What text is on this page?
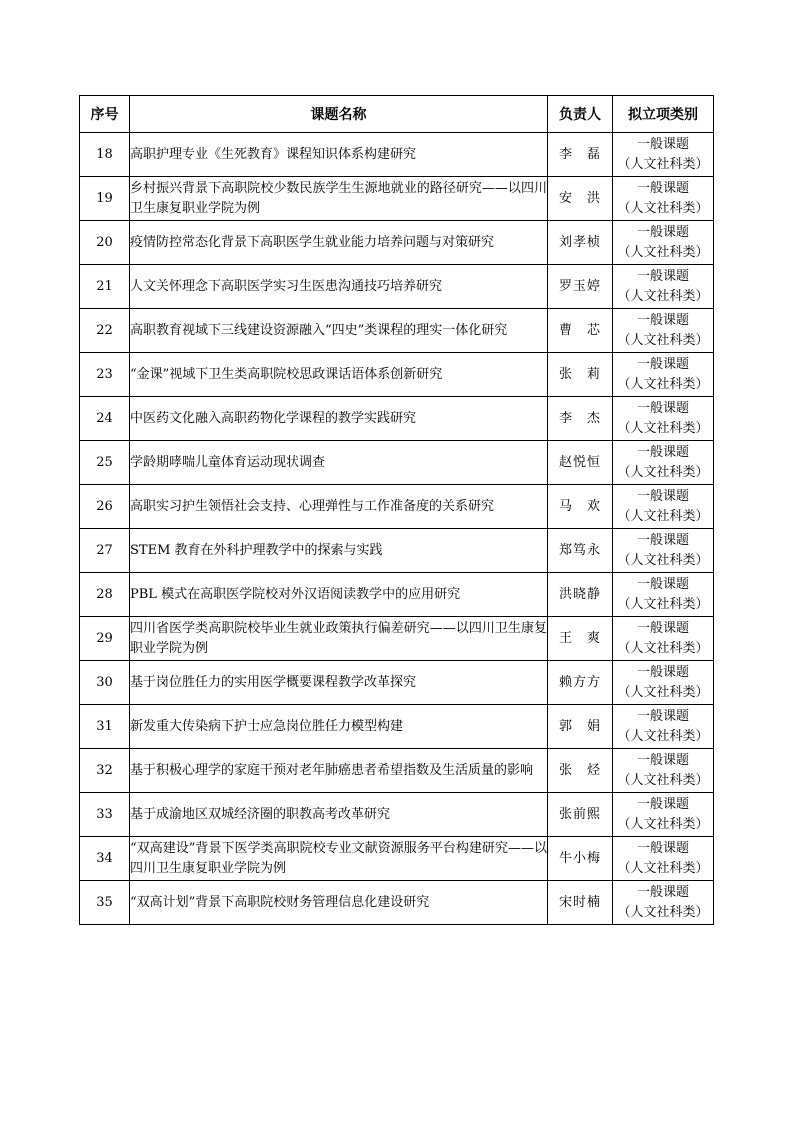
序号	课题名称	负责人	拟立项类别
18	高职护理专业《生死教育》课程知识体系构建研究	李　磊	一般课题
（人文社科类）

19	乡村振兴背景下高职院校少数民族学生生源地就业的路径研究——以四川卫生康复职业学院为例	安　洪	一般课题
（人文社科类）

20	疫情防控常态化背景下高职医学生就业能力培养问题与对策研究	刘孝桢	一般课题
（人文社科类）

21	人文关怀理念下高职医学实习生医患沟通技巧培养研究	罗玉婷	一般课题
（人文社科类）

22	高职教育视域下三线建设资源融入“四史”类课程的理实一体化研究	曹　芯	一般课题
（人文社科类）

23	“金课”视域下卫生类高职院校思政课话语体系创新研究	张　莉	一般课题
（人文社科类）

24	中医药文化融入高职药物化学课程的教学实践研究	李　杰	一般课题
（人文社科类）

25	学龄期哮喘儿童体育运动现状调查	赵悦恒	一般课题
（人文社科类）

26	高职实习护生领悟社会支持、心理弹性与工作准备度的关系研究	马　欢	一般课题
（人文社科类）

27	STEM 教育在外科护理教学中的探索与实践	郑笃永	一般课题
（人文社科类）

28	PBL 模式在高职医学院校对外汉语阅读教学中的应用研究	洪晓静	一般课题
（人文社科类）

29	四川省医学类高职院校毕业生就业政策执行偏差研究——以四川卫生康复职业学院为例	王　爽	一般课题
（人文社科类）

30	基于岗位胜任力的实用医学概要课程教学改革探究	赖方方	一般课题
（人文社科类）

31	新发重大传染病下护士应急岗位胜任力模型构建	郭　娟	一般课题
（人文社科类）

32	基于积极心理学的家庭干预对老年肺癌患者希望指数及生活质量的影响	张　烃	一般课题
（人文社科类）

33	基于成渝地区双城经济圈的职教高考改革研究	张前熙	一般课题
（人文社科类）

34	“双高建设”背景下医学类高职院校专业文献资源服务平台构建研究——以四川卫生康复职业学院为例	牛小梅	一般课题
（人文社科类）

35	“双高计划”背景下高职院校财务管理信息化建设研究	宋时楠	一般课题
（人文社科类）
